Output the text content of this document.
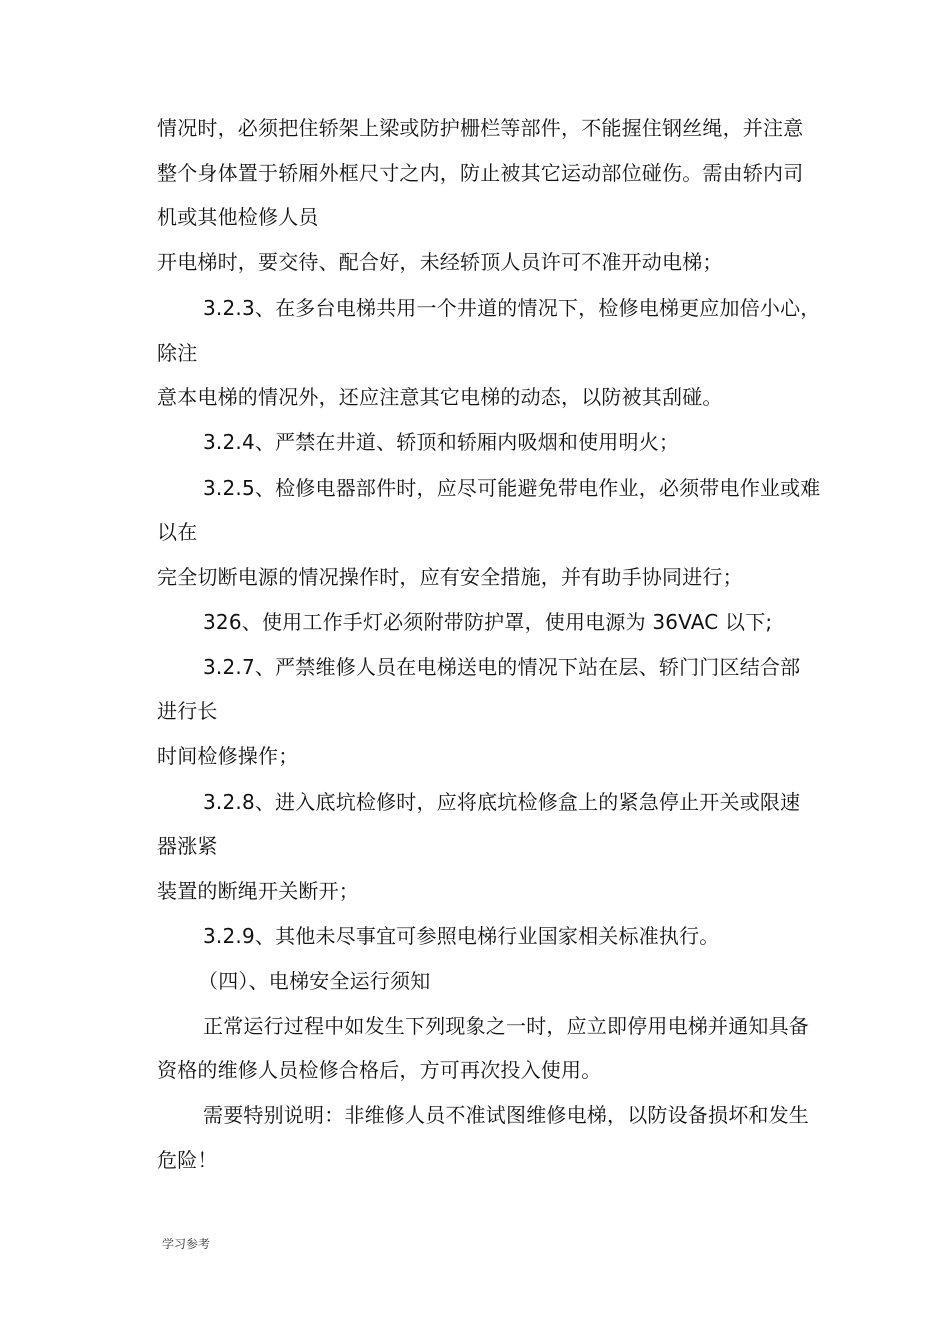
情况时，必须把住轿架上梁或防护栅栏等部件，不能握住钢丝绳，并注意
整个身体置于轿厢外框尺寸之内，防止被其它运动部位碰伤。需由轿内司
机或其他检修人员
开电梯时，要交待、配合好，未经轿顶人员许可不准开动电梯；
3.2.3、在多台电梯共用一个井道的情况下，检修电梯更应加倍小心，
除注
意本电梯的情况外，还应注意其它电梯的动态，以防被其刮碰。
3.2.4、严禁在井道、轿顶和轿厢内吸烟和使用明火；
3.2.5、检修电器部件时，应尽可能避免带电作业，必须带电作业或难
以在
完全切断电源的情况操作时，应有安全措施，并有助手协同进行；
326、使用工作手灯必须附带防护罩，使用电源为 36VAC 以下;
3.2.7、严禁维修人员在电梯送电的情况下站在层、轿门门区结合部
进行长
时间检修操作；
3.2.8、进入底坑检修时，应将底坑检修盒上的紧急停止开关或限速
器涨紧
装置的断绳开关断开；
3.2.9、其他未尽事宜可参照电梯行业国家相关标准执行。
（四）、电梯安全运行须知
正常运行过程中如发生下列现象之一时，应立即停用电梯并通知具备
资格的维修人员检修合格后，方可再次投入使用。
需要特别说明：非维修人员不准试图维修电梯，以防设备损坏和发生
危险！
学习参考
